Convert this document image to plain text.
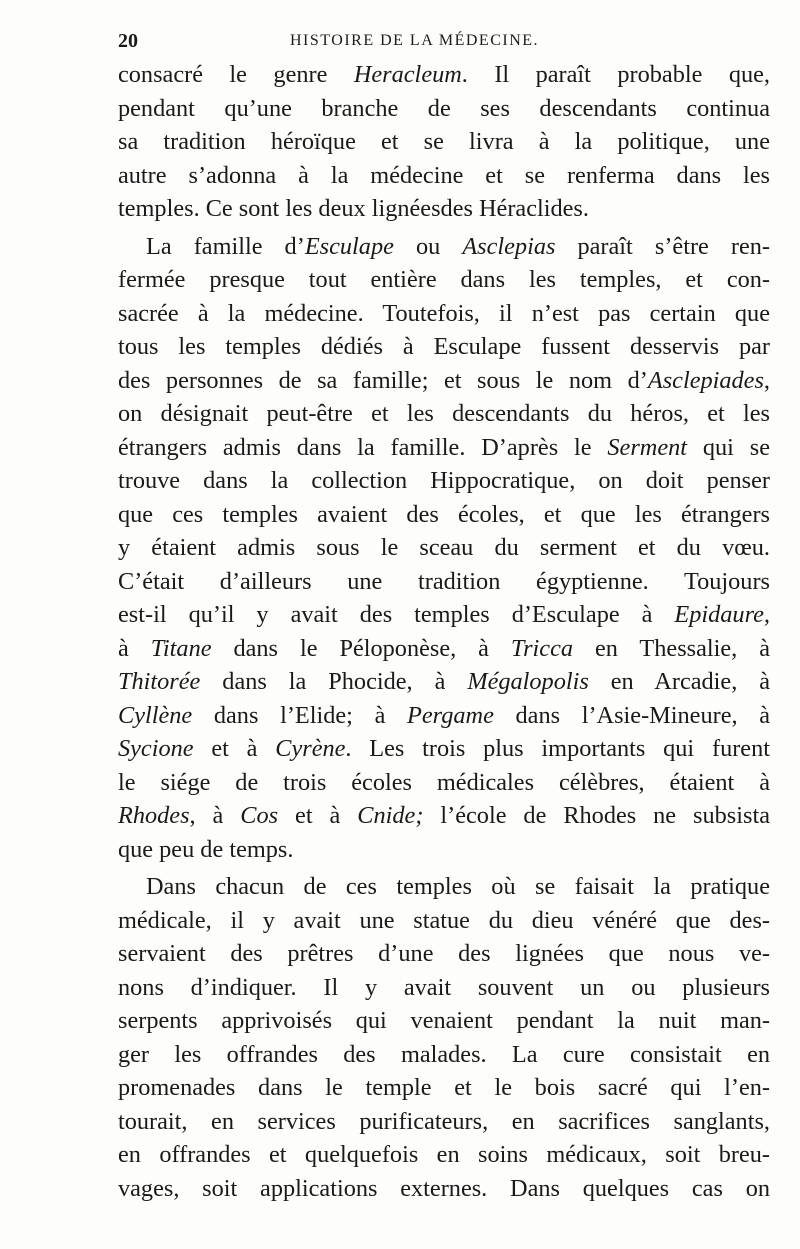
20	HISTOIRE DE LA MÉDECINE.
consacré le genre Heracleum. Il paraît probable que,
pendant qu’une branche de ses descendants continua
sa tradition héroïque et se livra à la politique, une
autre s’adonna à la médecine et se renferma dans les
temples. Ce sont les deux lignéesdes Héraclides.
La famille d’Esculape ou Asclepias paraît s’être ren-
fermée presque tout entière dans les temples, et con-
sacrée à la médecine. Toutefois, il n’est pas certain que
tous les temples dédiés à Esculape fussent desservis par
des personnes de sa famille; et sous le nom d’Asclepiades,
on désignait peut-être et les descendants du héros, et les
étrangers admis dans la famille. D’après le Serment qui se
trouve dans la collection Hippocratique, on doit penser
que ces temples avaient des écoles, et que les étrangers
y étaient admis sous le sceau du serment et du vœu.
C’était d’ailleurs une tradition égyptienne. Toujours
est-il qu’il y avait des temples d’Esculape à Epidaure,
à Titane dans le Péloponèse, à Tricca en Thessalie, à
Thitorée dans la Phocide, à Mégalopolis en Arcadie, à
Cyllène dans l’Elide; à Pergame dans l’Asie-Mineure, à
Sycione et à Cyrène. Les trois plus importants qui furent
le siége de trois écoles médicales célèbres, étaient à
Rhodes, à Cos et à Cnide; l’école de Rhodes ne subsista
que peu de temps.
Dans chacun de ces temples où se faisait la pratique
médicale, il y avait une statue du dieu vénéré que des-
servaient des prêtres d’une des lignées que nous ve-
nons d’indiquer. Il y avait souvent un ou plusieurs
serpents apprivoisés qui venaient pendant la nuit man-
ger les offrandes des malades. La cure consistait en
promenades dans le temple et le bois sacré qui l’en-
tourait, en services purificateurs, en sacrifices sanglants,
en offrandes et quelquefois en soins médicaux, soit breu-
vages, soit applications externes. Dans quelques cas on
